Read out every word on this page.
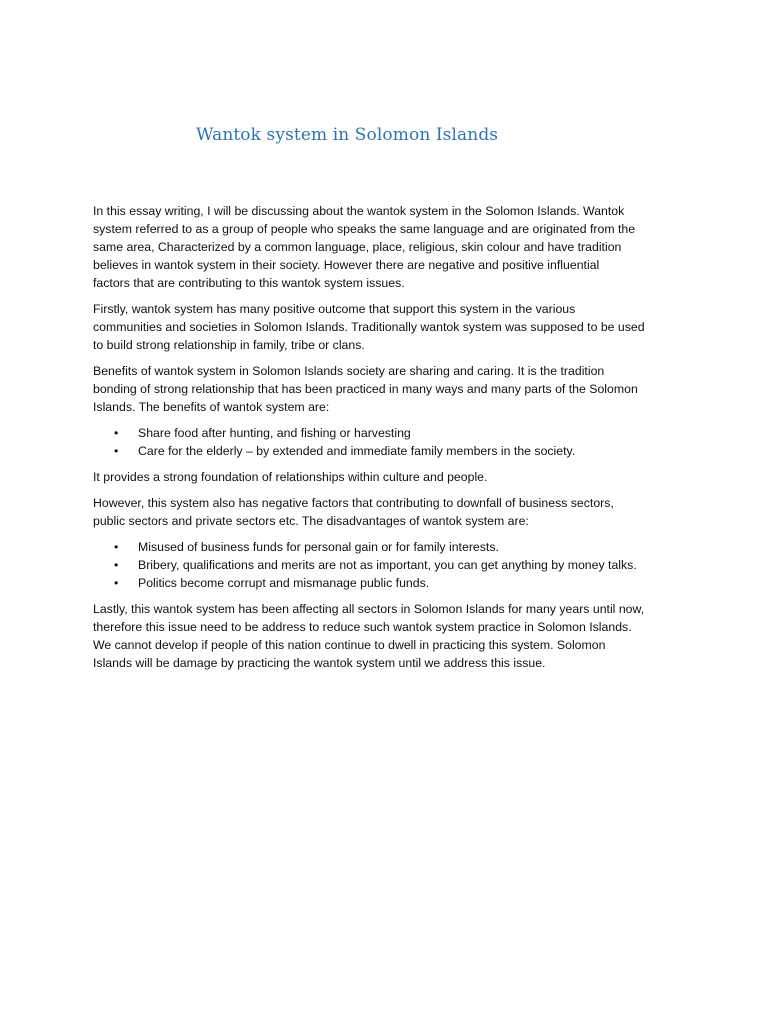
Wantok system in Solomon Islands

In this essay writing, I will be discussing about the wantok system in the Solomon Islands. Wantok
system referred to as a group of people who speaks the same language and are originated from the
same area, Characterized by a common language, place, religious, skin colour and have tradition
believes in wantok system in their society. However there are negative and positive influential
factors that are contributing to this wantok system issues.

Firstly, wantok system has many positive outcome that support this system in the various
communities and societies in Solomon Islands. Traditionally wantok system was supposed to be used
to build strong relationship in family, tribe or clans.

Benefits of wantok system in Solomon Islands society are sharing and caring. It is the tradition
bonding of strong relationship that has been practiced in many ways and many parts of the Solomon
Islands. The benefits of wantok system are:

• Share food after hunting, and fishing or harvesting
• Care for the elderly – by extended and immediate family members in the society.

It provides a strong foundation of relationships within culture and people.

However, this system also has negative factors that contributing to downfall of business sectors,
public sectors and private sectors etc. The disadvantages of wantok system are:

• Misused of business funds for personal gain or for family interests.
• Bribery, qualifications and merits are not as important, you can get anything by money talks.
• Politics become corrupt and mismanage public funds.

Lastly, this wantok system has been affecting all sectors in Solomon Islands for many years until now,
therefore this issue need to be address to reduce such wantok system practice in Solomon Islands.
We cannot develop if people of this nation continue to dwell in practicing this system. Solomon
Islands will be damage by practicing the wantok system until we address this issue.
